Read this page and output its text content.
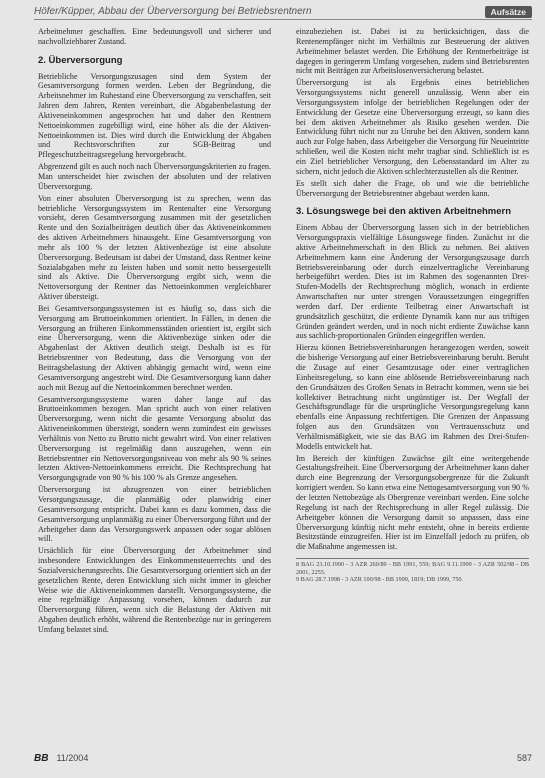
Höfer/Küpper, Abbau der Überversorgung bei Betriebsrentnern	Aufsätze

Arbeitnehmer geschaffen. Eine bedeutungsvoll und sicherer und nachvollziehbarer Zustand.

2. Überversorgung

Betriebliche Versorgungszusagen sind dem System der Gesamtversorgung formen werden. Leben der Begründung, die Arbeitsnehmer im Ruhestand eine Überversorgung zu verschaffen, seit Jahren dem Jahren, Renten vereinbart, die Abgabenbelastung der Aktiveneinkommen angesprochen hat und daher den Rentnern Nettoeinkommen zugebilligt wird, eine höher als die der Aktiven-Nettoeinkommen ist. Dies wird durch die Entwicklung der Abgaben und Rechtsvorschriften zur SGB-Beitrag und Pflegeschutzbeitragsregelung hervorgebracht.

Abgrenzend gilt es auch noch nach Überversorgungskriterien zu fragen. Man unterscheidet hier zwischen der absoluten und der relativen Überversorgung.

Von einer absoluten Überversorgung ist zu sprechen, wenn das betriebliche Versorgungssystem im Rentenalter eine Versorgung vorsieht, deren Gesamtversorgung zusammen mit der gesetzlichen Rente und den Sozialbeiträgen deutlich über das Aktiveneinkommen des aktiven Arbeitnehmers hinausgeht. Eine Gesamtversorgung von mehr als 100 % der letzten Aktivenbezüge ist eine absolute Überversorgung. Bedeutsam ist dabei der Umstand, dass Rentner keine Sozialabgaben mehr zu leisten haben und somit netto bessergestellt sind als Aktive. Die Überversorgung ergibt sich, wenn die Nettoversorgung der Rentner das Nettoeinkommen vergleichbarer Aktiver übersteigt.

Bei Gesamtversorgungssystemen ist es häufig so, dass sich die Versorgung am Bruttoeinkommen orientiert. In Fällen, in denen die Versorgung an früheren Einkommensständen orientiert ist, ergibt sich eine Überversorgung, wenn die Aktivenbezüge sinken oder die Abgabenlast der Aktiven deutlich steigt. Deshalb ist es für Betriebsrentner von Bedeutung, dass die Versorgung von der Beitragsbelastung der Aktiven abhängig gemacht wird, wenn eine Gesamtversorgung angestrebt wird. Die Gesamtversorgung kann daher auch mit Bezug auf die Nettoeinkommen berechnet werden.

Gesamtversorgungssysteme waren daher lange auf das Bruttoeinkommen bezogen. Man spricht auch von einer relativen Überversorgung, wenn nicht die gesamte Versorgung absolut das Aktiveneinkommen übersteigt, sondern wenn zumindest ein gewisses Verhältnis von Netto zu Brutto nicht gewahrt wird. Von einer relativen Überversorgung ist regelmäßig dann auszugehen, wenn ein Betriebsrentner ein Nettoversorgungsniveau von mehr als 90 % seines letzten Aktiven-Nettoeinkommens erreicht. Die Rechtsprechung hat Versorgungsgrade von 90 % bis 100 % als Grenze angesehen.

Überversorgung ist abzugrenzen von einer betrieblichen Versorgungszusage, die planmäßig oder planwidrig einer Gesamtversorgung entspricht. Dabei kann es dazu kommen, dass die Gesamtversorgung unplanmäßig zu einer Überversorgung führt und der Arbeitgeber dann das Versorgungswerk anpassen oder sogar ablösen will.

Ursächlich für eine Überversorgung der Arbeitnehmer sind insbesondere Entwicklungen des Einkommensteuerrechts und des Sozialversicherungsrechts. Die Gesamtversorgung orientiert sich an der gesetzlichen Rente, deren Entwicklung sich nicht immer in gleicher Weise wie die Aktiveneinkommen darstellt. Versorgungssysteme, die eine regelmäßige Anpassung vorsehen, können dadurch zur Überversorgung führen, wenn sich die Belastung der Aktiven mit Abgaben deutlich erhöht, während die Rentenbezüge nur in geringerem Umfang belastet sind.

einzubeziehen ist. Dabei ist zu berücksichtigen, dass die Rentenempfänger nicht im Verhältnis zur Besteuerung der aktiven Arbeitnehmer belastet werden. Die Erhöhung der Rentnerbeiträge ist dagegen in geringerem Umfang vorgesehen, zudem sind Betriebsrenten nicht mit Beiträgen zur Arbeitslosenversicherung belastet.

Überversorgung ist als Ergebnis eines betrieblichen Versorgungssystems nicht generell unzulässig. Wenn aber ein Versorgungssystem infolge der betrieblichen Regelungen oder der Entwicklung der Gesetze eine Überversorgung erzeugt, so kann dies bei dem aktiven Arbeitnehmer als Risiko gesehen werden. Die Entwicklung führt nicht nur zu Unruhe bei den Aktiven, sondern kann auch zur Folge haben, dass Arbeitgeber die Versorgung für Neueintritte schließen, weil die Kosten nicht mehr tragbar sind. Schließlich ist es ein Ziel betrieblicher Versorgung, den Lebensstandard im Alter zu sichern, nicht jedoch die Aktiven schlechterzustellen als die Rentner.

Es stellt sich daher die Frage, ob und wie die betriebliche Überversorgung der Betriebsrentner abgebaut werden kann.

3. Lösungswege bei den aktiven Arbeitnehmern

Einem Abbau der Überversorgung lassen sich in der betrieblichen Versorgungspraxis vielfältige Lösungswege finden. Zunächst ist die aktive Arbeitnehmerschaft in den Blick zu nehmen. Bei aktiven Arbeitnehmern kann eine Änderung der Versorgungszusage durch Betriebsvereinbarung oder durch einzelvertragliche Vereinbarung herbeigeführt werden. Dies ist im Rahmen des sogenannten Drei-Stufen-Modells der Rechtsprechung möglich, wonach in erdiente Anwartschaften nur unter strengen Voraussetzungen eingegriffen werden darf. Der erdiente Teilbetrag einer Anwartschaft ist grundsätzlich geschützt, die erdiente Dynamik kann nur aus triftigen Gründen geändert werden, und in noch nicht erdiente Zuwächse kann aus sachlich-proportionalen Gründen eingegriffen werden.

Hierzu können Betriebsvereinbarungen herangezogen werden, soweit die bisherige Versorgung auf einer Betriebsvereinbarung beruht. Beruht die Zusage auf einer Gesamtzusage oder einer vertraglichen Einheitsregelung, so kann eine ablösende Betriebsvereinbarung nach den Grundsätzen des Großen Senats in Betracht kommen, wenn sie bei kollektiver Betrachtung nicht ungünstiger ist. Der Wegfall der Geschäftsgrundlage für die ursprüngliche Versorgungsregelung kann ebenfalls eine Anpassung rechtfertigen. Die Grenzen der Anpassung folgen aus den Grundsätzen von Vertrauensschutz und Verhältnismäßigkeit, wie sie das BAG im Rahmen des Drei-Stufen-Modells entwickelt hat.

Im Bereich der künftigen Zuwächse gilt eine weitergehende Gestaltungsfreiheit. Eine Überversorgung der Arbeitnehmer kann daher durch eine Begrenzung der Versorgungsobergrenze für die Zukunft korrigiert werden. So kann etwa eine Nettogesamtversorgung von 90 % der letzten Nettobezüge als Obergrenze vereinbart werden. Eine solche Regelung ist nach der Rechtsprechung in aller Regel zulässig. Die Arbeitgeber können die Versorgung damit so anpassen, dass eine Überversorgung künftig nicht mehr entsteht, ohne in bereits erdiente Besitzstände einzugreifen. Hier ist im Einzelfall jedoch zu prüfen, ob die Maßnahme angemessen ist.

8 BAG 23.10.1990 - 3 AZR 260/89 - BB 1991, 559; BAG 9.11.1999 - 3 AZR 502/98 - DB 2001, 2255.
9 BAG 28.7.1998 - 3 AZR 100/98 - BB 1999, 1819; DB 1999, 750.
BB 11/2004	587
